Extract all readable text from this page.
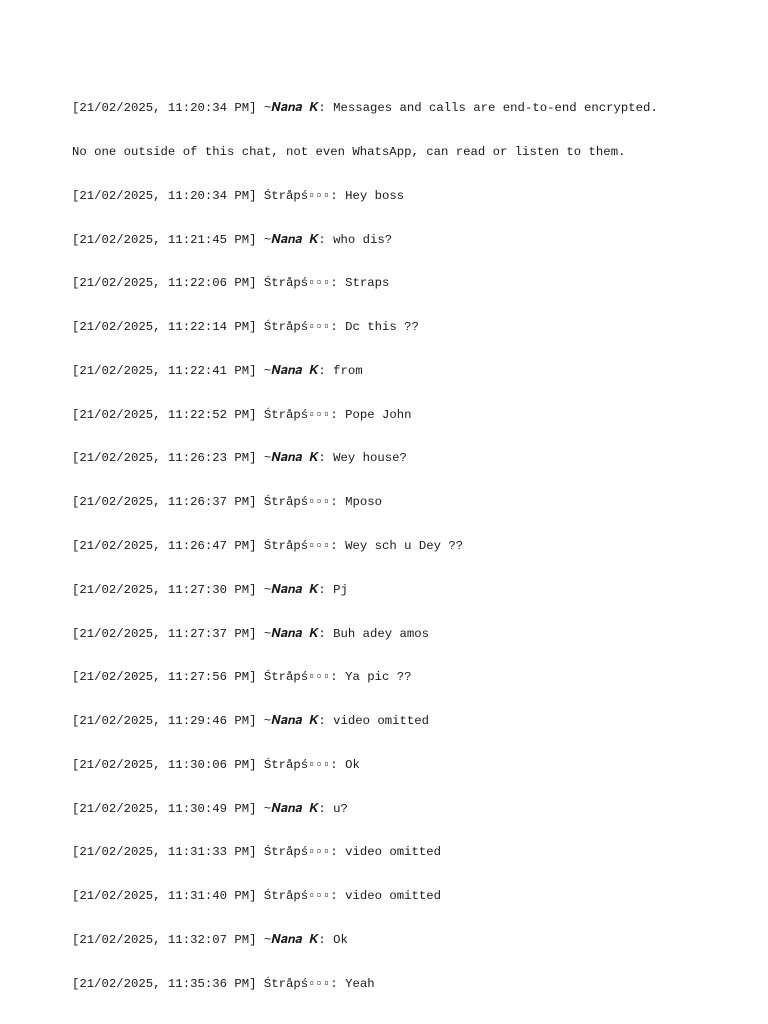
[21/02/2025, 11:20:34 PM] ~𝑵𝒂𝒏𝒂 𝑲: Messages and calls are end-to-end encrypted.

No one outside of this chat, not even WhatsApp, can read or listen to them.

[21/02/2025, 11:20:34 PM] Śtråpś▫▫▫: Hey boss

[21/02/2025, 11:21:45 PM] ~𝑵𝒂𝒏𝒂 𝑲: who dis?

[21/02/2025, 11:22:06 PM] Śtråpś▫▫▫: Straps

[21/02/2025, 11:22:14 PM] Śtråpś▫▫▫: Dc this ??

[21/02/2025, 11:22:41 PM] ~𝑵𝒂𝒏𝒂 𝑲: from

[21/02/2025, 11:22:52 PM] Śtråpś▫▫▫: Pope John

[21/02/2025, 11:26:23 PM] ~𝑵𝒂𝒏𝒂 𝑲: Wey house?

[21/02/2025, 11:26:37 PM] Śtråpś▫▫▫: Mposo

[21/02/2025, 11:26:47 PM] Śtråpś▫▫▫: Wey sch u Dey ??

[21/02/2025, 11:27:30 PM] ~𝑵𝒂𝒏𝒂 𝑲: Pj

[21/02/2025, 11:27:37 PM] ~𝑵𝒂𝒏𝒂 𝑲: Buh adey amos

[21/02/2025, 11:27:56 PM] Śtråpś▫▫▫: Ya pic ??

[21/02/2025, 11:29:46 PM] ~𝑵𝒂𝒏𝒂 𝑲: video omitted

[21/02/2025, 11:30:06 PM] Śtråpś▫▫▫: Ok

[21/02/2025, 11:30:49 PM] ~𝑵𝒂𝒏𝒂 𝑲: u?

[21/02/2025, 11:31:33 PM] Śtråpś▫▫▫: video omitted

[21/02/2025, 11:31:40 PM] Śtråpś▫▫▫: video omitted

[21/02/2025, 11:32:07 PM] ~𝑵𝒂𝒏𝒂 𝑲: Ok

[21/02/2025, 11:35:36 PM] Śtråpś▫▫▫: Yeah
